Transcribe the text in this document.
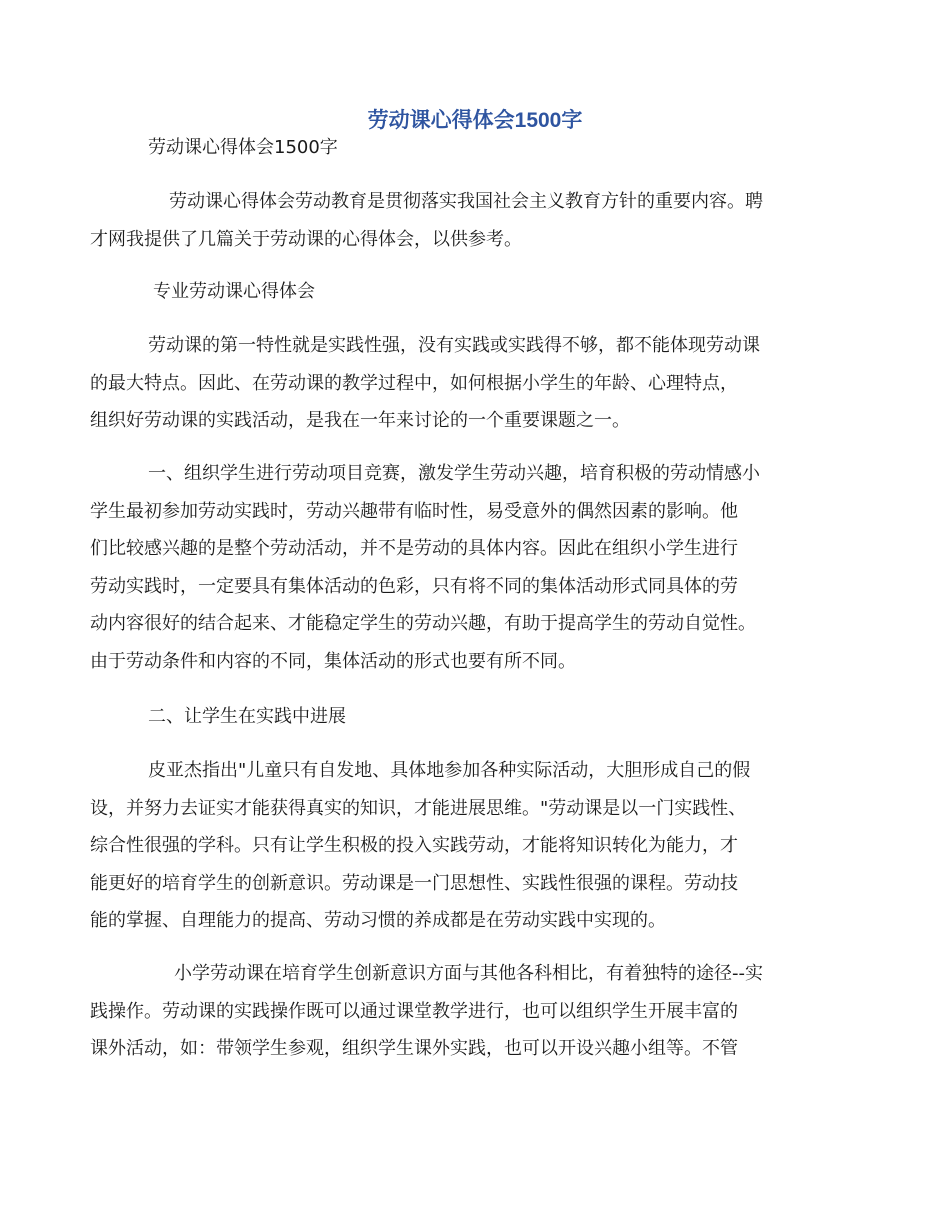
劳动课心得体会1500字
劳动课心得体会1500字
劳动课心得体会劳动教育是贯彻落实我国社会主义教育方针的重要内容。聘
才网我提供了几篇关于劳动课的心得体会，以供参考。
专业劳动课心得体会
劳动课的第一特性就是实践性强，没有实践或实践得不够，都不能体现劳动课
的最大特点。因此、在劳动课的教学过程中，如何根据小学生的年龄、心理特点，
组织好劳动课的实践活动，是我在一年来讨论的一个重要课题之一。
一、组织学生进行劳动项目竞赛，激发学生劳动兴趣，培育积极的劳动情感小
学生最初参加劳动实践时，劳动兴趣带有临时性，易受意外的偶然因素的影响。他
们比较感兴趣的是整个劳动活动，并不是劳动的具体内容。因此在组织小学生进行
劳动实践时，一定要具有集体活动的色彩，只有将不同的集体活动形式同具体的劳
动内容很好的结合起来、才能稳定学生的劳动兴趣，有助于提高学生的劳动自觉性。
由于劳动条件和内容的不同，集体活动的形式也要有所不同。
二、让学生在实践中进展
皮亚杰指出"儿童只有自发地、具体地参加各种实际活动，大胆形成自己的假
设，并努力去证实才能获得真实的知识，才能进展思维。"劳动课是以一门实践性、
综合性很强的学科。只有让学生积极的投入实践劳动，才能将知识转化为能力，才
能更好的培育学生的创新意识。劳动课是一门思想性、实践性很强的课程。劳动技
能的掌握、自理能力的提高、劳动习惯的养成都是在劳动实践中实现的。
小学劳动课在培育学生创新意识方面与其他各科相比，有着独特的途径--实
践操作。劳动课的实践操作既可以通过课堂教学进行，也可以组织学生开展丰富的
课外活动，如：带领学生参观，组织学生课外实践，也可以开设兴趣小组等。不管
